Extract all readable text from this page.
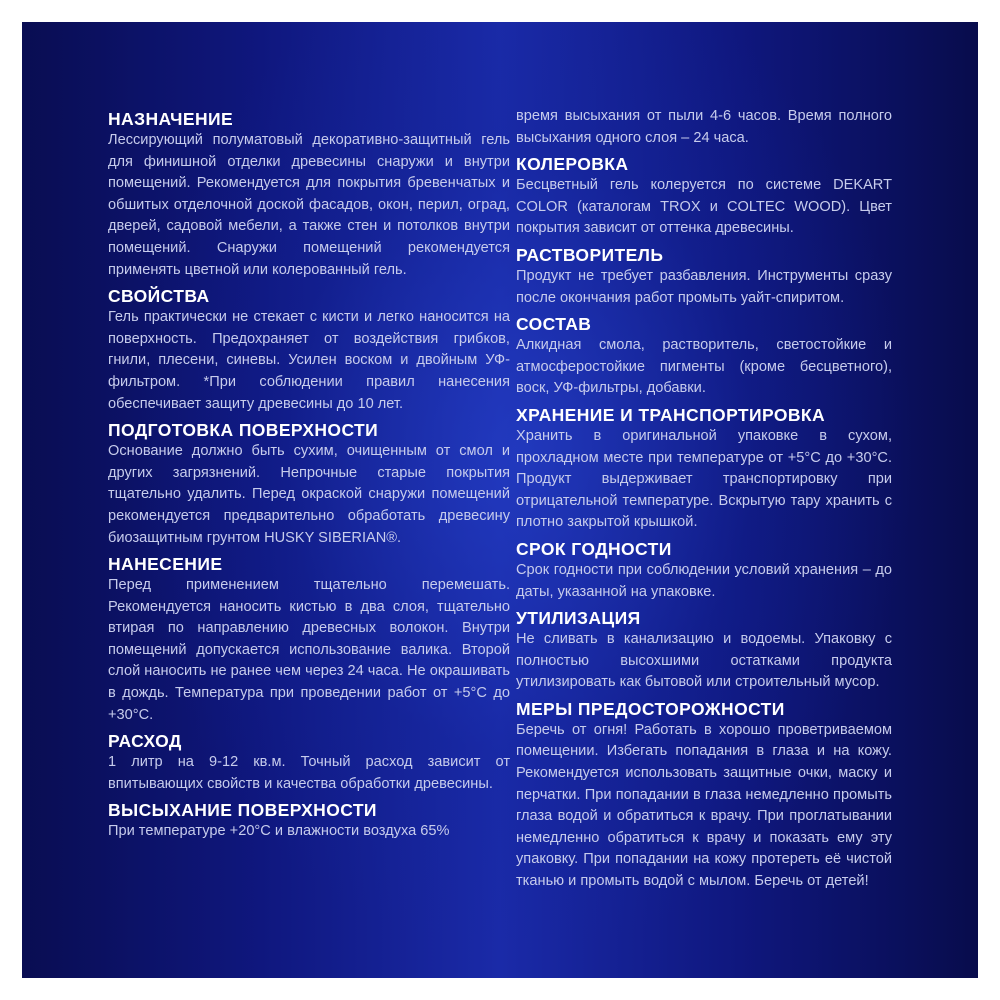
НАЗНАЧЕНИЕ

Лессирующий полуматовый декоративно-защитный гель для финишной отделки древесины снаружи и внутри помещений. Рекомендуется для покрытия бревенчатых и обшитых отделочной доской фасадов, окон, перил, оград, дверей, садовой мебели, а также стен и потолков внутри помещений. Снаружи помещений рекомендуется применять цветной или колерованный гель.

СВОЙСТВА

Гель практически не стекает с кисти и легко наносится на поверхность. Предохраняет от воздействия грибков, гнили, плесени, синевы. Усилен воском и двойным УФ-фильтром. *При соблюдении правил нанесения обеспечивает защиту древесины до 10 лет.

ПОДГОТОВКА ПОВЕРХНОСТИ

Основание должно быть сухим, очищенным от смол и других загрязнений. Непрочные старые покрытия тщательно удалить. Перед окраской снаружи помещений рекомендуется предварительно обработать древесину биозащитным грунтом HUSKY SIBERIAN®.

НАНЕСЕНИЕ

Перед применением тщательно перемешать. Рекомендуется наносить кистью в два слоя, тщательно втирая по направлению древесных волокон. Внутри помещений допускается использование валика. Второй слой наносить не ранее чем через 24 часа. Не окрашивать в дождь. Температура при проведении работ от +5°С до +30°С.

РАСХОД

1 литр на 9-12 кв.м. Точный расход зависит от впитывающих свойств и качества обработки древесины.

ВЫСЫХАНИЕ ПОВЕРХНОСТИ

При температуре +20°С и влажности воздуха 65%

время высыхания от пыли 4-6 часов. Время полного высыхания одного слоя – 24 часа.

КОЛЕРОВКА

Бесцветный гель колеруется по системе DEKART COLOR (каталогам TROX и COLTEC WOOD). Цвет покрытия зависит от оттенка древесины.

РАСТВОРИТЕЛЬ

Продукт не требует разбавления. Инструменты сразу после окончания работ промыть уайт-спиритом.

СОСТАВ

Алкидная смола, растворитель, светостойкие и атмосферостойкие пигменты (кроме бесцветного), воск, УФ-фильтры, добавки.

ХРАНЕНИЕ И ТРАНСПОРТИРОВКА

Хранить в оригинальной упаковке в сухом, прохладном месте при температуре от +5°С до +30°С. Продукт выдерживает транспортировку при отрицательной температуре. Вскрытую тару хранить с плотно закрытой крышкой.

СРОК ГОДНОСТИ

Срок годности при соблюдении условий хранения – до даты, указанной на упаковке.

УТИЛИЗАЦИЯ

Не сливать в канализацию и водоемы. Упаковку с полностью высохшими остатками продукта утилизировать как бытовой или строительный мусор.

МЕРЫ ПРЕДОСТОРОЖНОСТИ

Беречь от огня! Работать в хорошо проветриваемом помещении. Избегать попадания в глаза и на кожу. Рекомендуется использовать защитные очки, маску и перчатки. При попадании в глаза немедленно промыть глаза водой и обратиться к врачу. При проглатывании немедленно обратиться к врачу и показать ему эту упаковку. При попадании на кожу протереть её чистой тканью и промыть водой с мылом. Беречь от детей!
